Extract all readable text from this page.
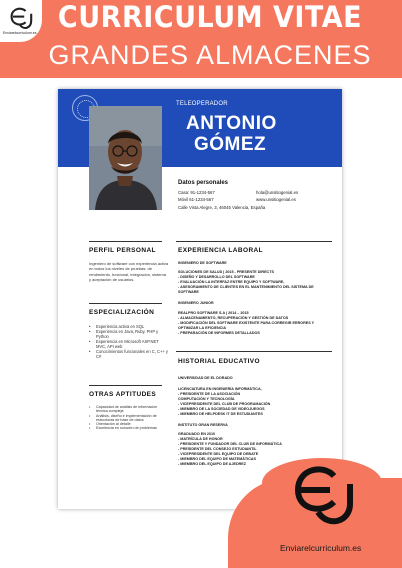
CURRICULUM VITAE
GRANDES ALMACENES
Enviarelcurriculum.es
TELEOPERADOR
ANTONIO
GÓMEZ
Datos personales
Casa: 91-1234-567
Móvil 61-1234-567
hola@unsitiogenial.es
www.unsitiogenial.es
Calle Vista Alegre, 3, 46045 Valencia, España
PERFIL PERSONAL
Ingeniero de software con experiencia activa en todos los niveles de pruebas: de rendimiento, funcional, integración, sistema y aceptación de usuarios.
ESPECIALIZACIÓN
• Experiencia activa en SQL
• Experiencia en Java, Ruby, PHP y Python
• Experiencia en Microsoft ASP.NET MVC, API web
• Conocimientos funcionales en C, C++ y C#
OTRAS APTITUDES
• Capacidad de análisis de información técnica compleja
• Análisis, diseño e implementación de estructuras de base de datos
• Orientación al detalle
• Excelencia en solución de problemas
EXPERIENCIA LABORAL
INGENIERO DE SOFTWARE
SOLUCIONES DE SALUD | 2015 - PRESENTE DIRECTS
- DISEÑO Y DESARROLLO DEL SOFTWARE
- EVALUACIÓN LA INTERFAZ ENTRE EQUIPO Y SOFTWARE,
- ASESORAMIENTO DE CLIENTES EN EL MANTENIMIENTO DEL SISTEMA DE SOFTWARE
INGENIERO JUNIOR
REALPRO SOFTWARE S.A | 2014 – 2015
- ALMACENAMIENTO, RECUPERACIÓN Y GESTIÓN DE DATOS
- MODIFICACIÓN DEL SOFTWARE EXISTENTE PARA CORREGIR ERRORES Y OPTIMIZAR LA EFICIENCIA
- PREPARACIÓN DE INFORMES DETALLADOS
HISTORIAL EDUCATIVO
UNIVERSIDAD DE EL DORADO
LICENCIATURA EN INGENIERÍA INFORMÁTICA,
- PRESIDENTE DE LA ASOCIACIÓN
COMPUTACIÓN Y TECNOLOGÍA
- VICEPRESIDENTE DEL CLUB DE PROGRAMACIÓN
- MIEMBRO DE LA SOCIEDAD DE VIDEOJUEGOS
- MIEMBRO DE HELPDESK IT DE ESTUDIANTES
INSTITUTO GRAN RESERVA
GRADUADO EN 2010
- MATRÍCULA DE HONOR
- PRESIDENTE Y FUNDADOR DEL CLUB DE INFORMÁTICA
- PRESIDENTE DEL CONSEJO ESTUDIANTIL
- VICEPRESIDENTE DEL EQUIPO DE DEBATE
- MIEMBRO DEL EQUIPO DE MATEMÁTICAS
- MIEMBRO DEL EQUIPO DE AJEDREZ
Enviarelcurriculum.es
